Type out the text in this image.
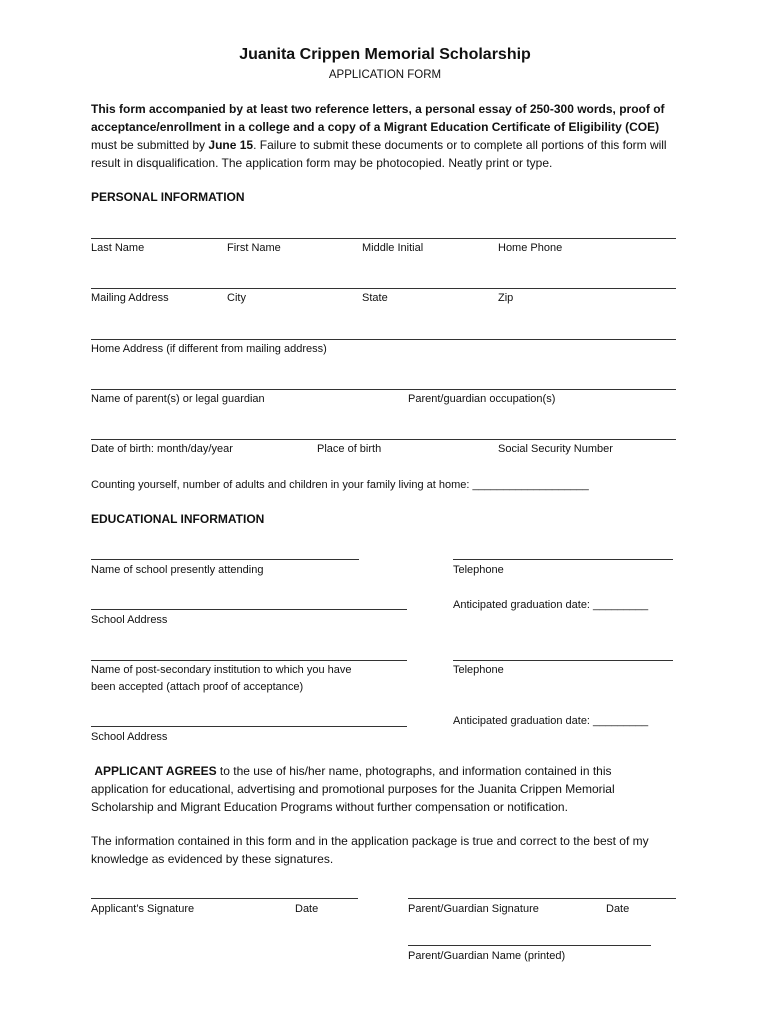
Juanita Crippen Memorial Scholarship
APPLICATION FORM
This form accompanied by at least two reference letters, a personal essay of 250-300 words, proof of acceptance/enrollment in a college and a copy of a Migrant Education Certificate of Eligibility (COE) must be submitted by June 15. Failure to submit these documents or to complete all portions of this form will result in disqualification. The application form may be photocopied. Neatly print or type.
PERSONAL INFORMATION
Last Name	First Name	Middle Initial	Home Phone
Mailing Address	City	State	Zip
Home Address (if different from mailing address)
Name of parent(s) or legal guardian	Parent/guardian occupation(s)
Date of birth: month/day/year	Place of birth	Social Security Number
Counting yourself, number of adults and children in your family living at home: ___________________
EDUCATIONAL INFORMATION
Name of school presently attending	Telephone
School Address
Anticipated graduation date: _________
Name of post-secondary institution to which you have
been accepted (attach proof of acceptance)
Telephone
School Address
Anticipated graduation date: _________
APPLICANT AGREES to the use of his/her name, photographs, and information contained in this application for educational, advertising and promotional purposes for the Juanita Crippen Memorial Scholarship and Migrant Education Programs without further compensation or notification.
The information contained in this form and in the application package is true and correct to the best of my knowledge as evidenced by these signatures.
Applicant’s Signature	Date	Parent/Guardian Signature	Date
Parent/Guardian Name (printed)
